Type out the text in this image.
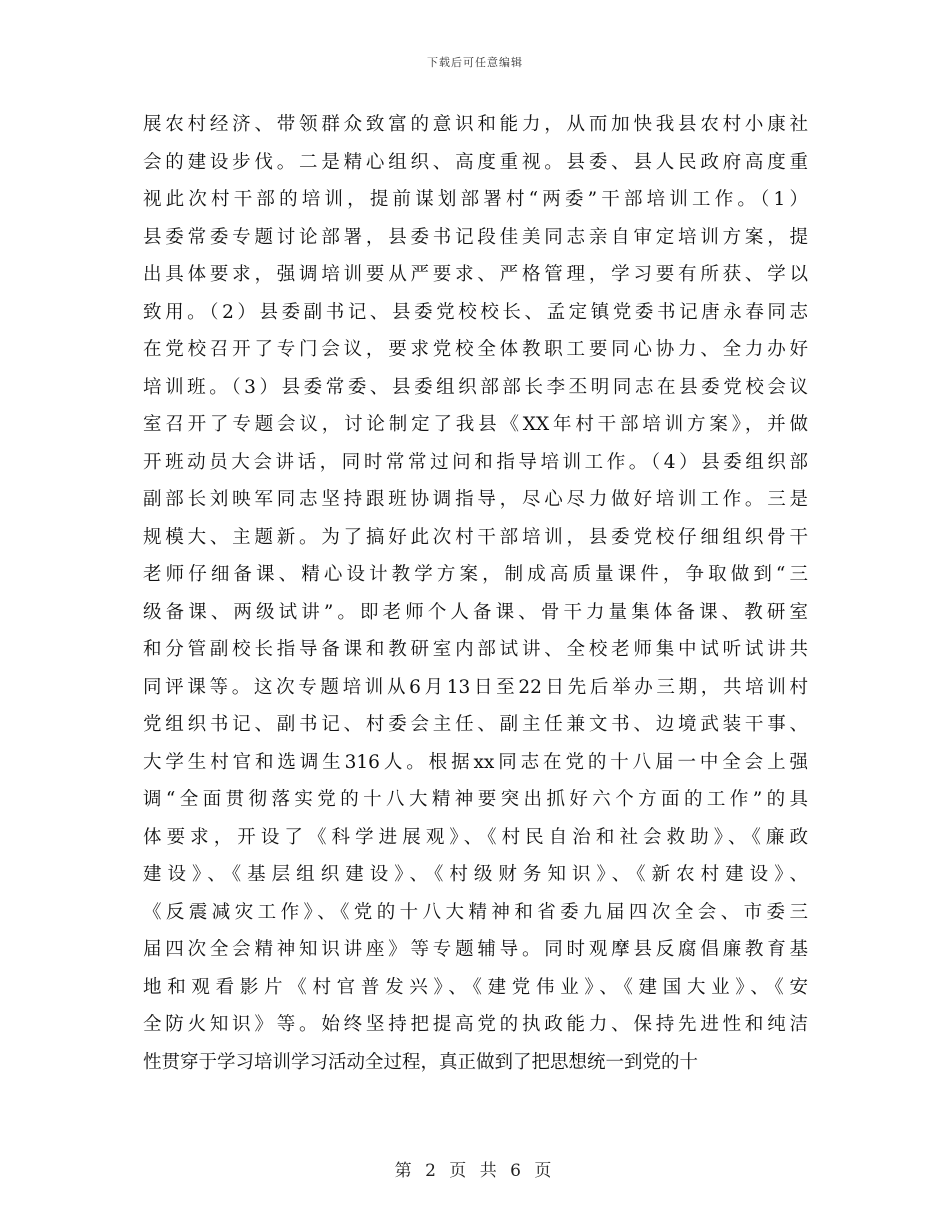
下载后可任意编辑
展农村经济、带领群众致富的意识和能力，从而加快我县农村小康社
会的建设步伐。二是精心组织、高度重视。县委、县人民政府高度重
视此次村干部的培训，提前谋划部署村“两委”干部培训工作。（1）
县委常委专题讨论部署，县委书记段佳美同志亲自审定培训方案，提
出具体要求，强调培训要从严要求、严格管理，学习要有所获、学以
致用。（2）县委副书记、县委党校校长、孟定镇党委书记唐永春同志
在党校召开了专门会议，要求党校全体教职工要同心协力、全力办好
培训班。（3）县委常委、县委组织部部长李丕明同志在县委党校会议
室召开了专题会议，讨论制定了我县《XX年村干部培训方案》，并做
开班动员大会讲话，同时常常过问和指导培训工作。（4）县委组织部
副部长刘映军同志坚持跟班协调指导，尽心尽力做好培训工作。三是
规模大、主题新。为了搞好此次村干部培训，县委党校仔细组织骨干
老师仔细备课、精心设计教学方案，制成高质量课件，争取做到“三
级备课、两级试讲”。即老师个人备课、骨干力量集体备课、教研室
和分管副校长指导备课和教研室内部试讲、全校老师集中试听试讲共
同评课等。这次专题培训从6月13日至22日先后举办三期，共培训村
党组织书记、副书记、村委会主任、副主任兼文书、边境武装干事、
大学生村官和选调生316人。根据xx同志在党的十八届一中全会上强
调“全面贯彻落实党的十八大精神要突出抓好六个方面的工作”的具
体要求，开设了《科学进展观》、《村民自治和社会救助》、《廉政
建设》、《基层组织建设》、《村级财务知识》、《新农村建设》、
《反震减灾工作》、《党的十八大精神和省委九届四次全会、市委三
届四次全会精神知识讲座》等专题辅导。同时观摩县反腐倡廉教育基
地和观看影片《村官普发兴》、《建党伟业》、《建国大业》、《安
全防火知识》等。始终坚持把提高党的执政能力、保持先进性和纯洁
性贯穿于学习培训学习活动全过程，真正做到了把思想统一到党的十
第 2 页 共 6 页
